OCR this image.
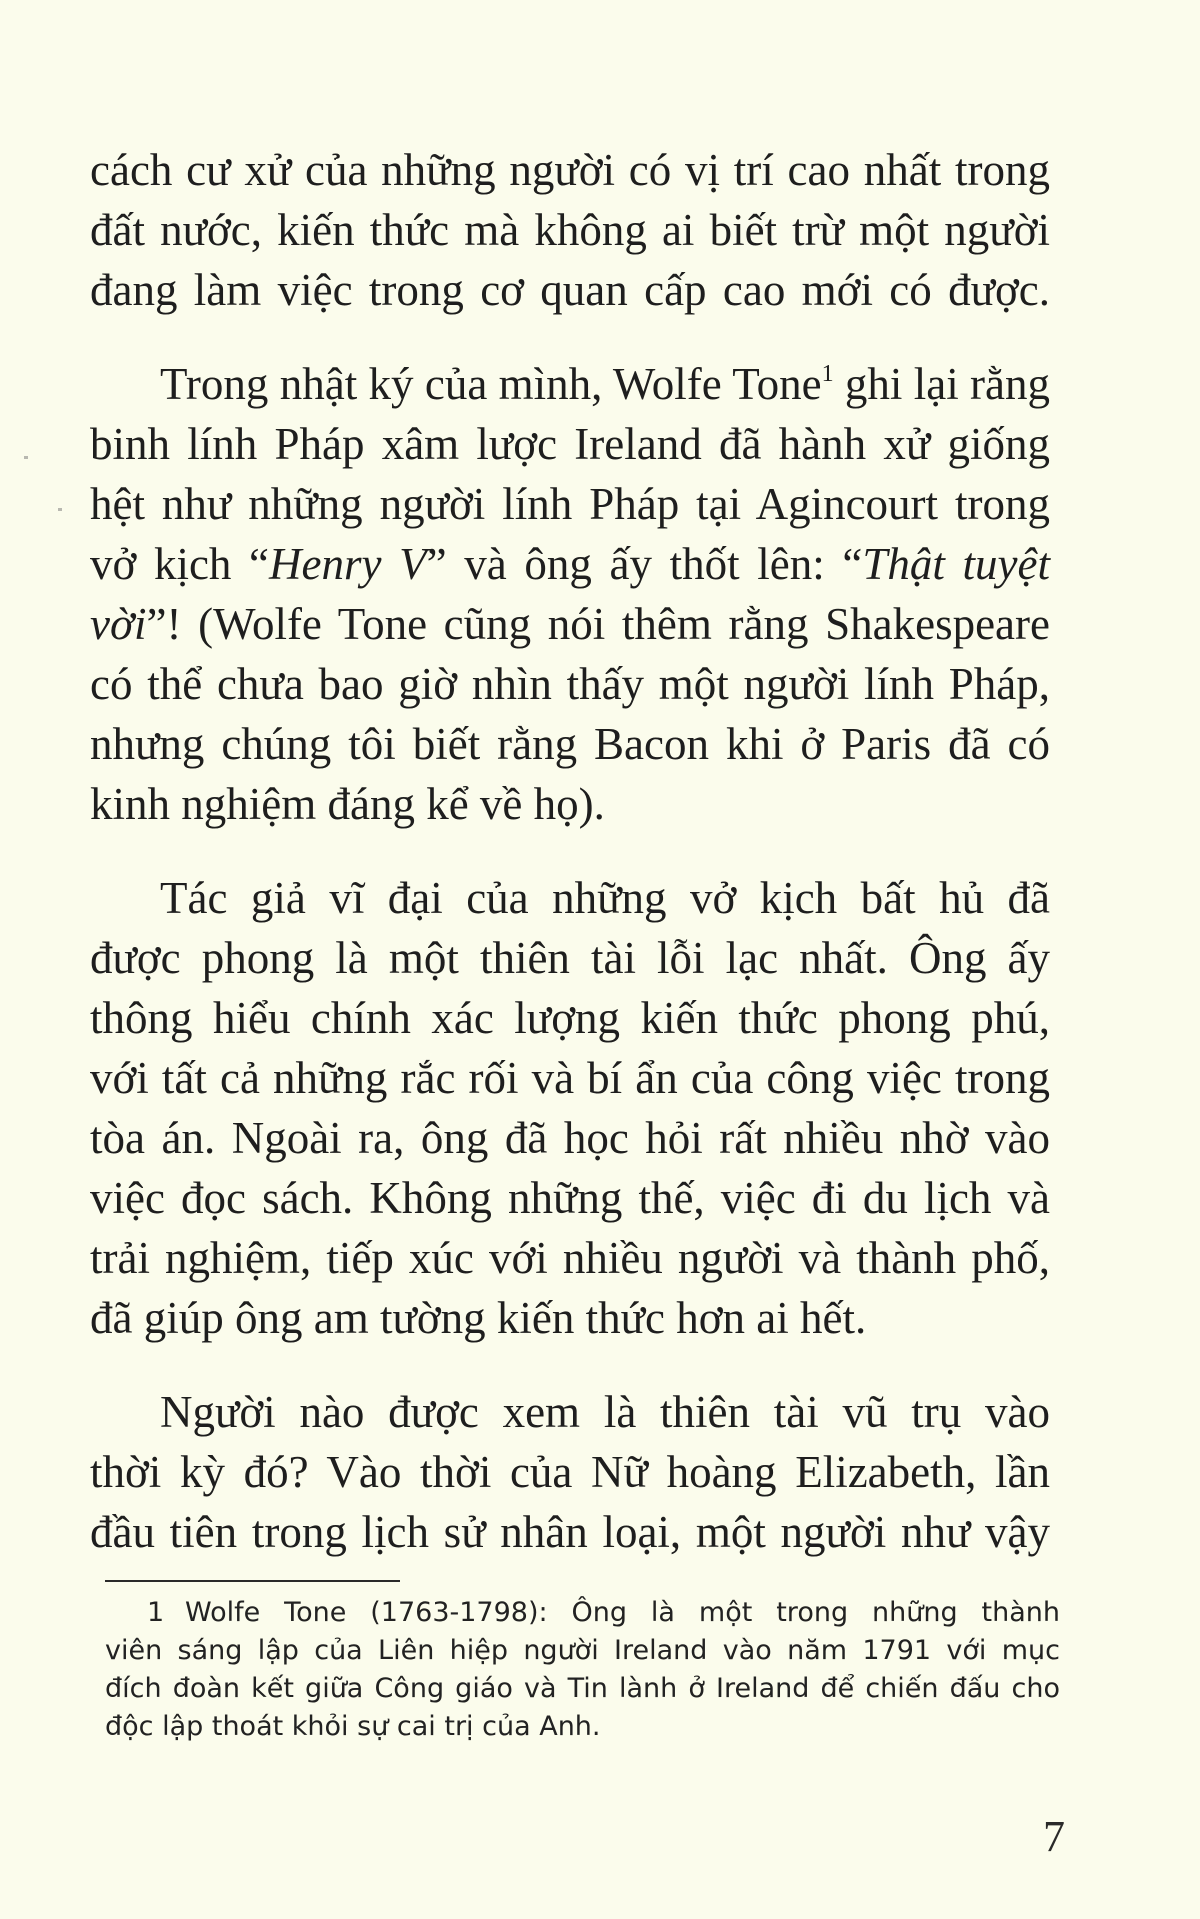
cách cư xử của những người có vị trí cao nhất trong
đất nước, kiến thức mà không ai biết trừ một người
đang làm việc trong cơ quan cấp cao mới có được.
Trong nhật ký của mình, Wolfe Tone$^1$ ghi lại rằng
binh lính Pháp xâm lược Ireland đã hành xử giống
hệt như những người lính Pháp tại Agincourt trong
vở kịch “Henry V” và ông ấy thốt lên: “Thật tuyệt
vời”! (Wolfe Tone cũng nói thêm rằng Shakespeare
có thể chưa bao giờ nhìn thấy một người lính Pháp,
nhưng chúng tôi biết rằng Bacon khi ở Paris đã có
kinh nghiệm đáng kể về họ).
Tác giả vĩ đại của những vở kịch bất hủ đã
được phong là một thiên tài lỗi lạc nhất. Ông ấy
thông hiểu chính xác lượng kiến thức phong phú,
với tất cả những rắc rối và bí ẩn của công việc trong
tòa án. Ngoài ra, ông đã học hỏi rất nhiều nhờ vào
việc đọc sách. Không những thế, việc đi du lịch và
trải nghiệm, tiếp xúc với nhiều người và thành phố,
đã giúp ông am tường kiến thức hơn ai hết.
Người nào được xem là thiên tài vũ trụ vào
thời kỳ đó? Vào thời của Nữ hoàng Elizabeth, lần
đầu tiên trong lịch sử nhân loại, một người như vậy
1 Wolfe Tone (1763-1798): Ông là một trong những thành
viên sáng lập của Liên hiệp người Ireland vào năm 1791 với mục
đích đoàn kết giữa Công giáo và Tin lành ở Ireland để chiến đấu cho
độc lập thoát khỏi sự cai trị của Anh.
7
